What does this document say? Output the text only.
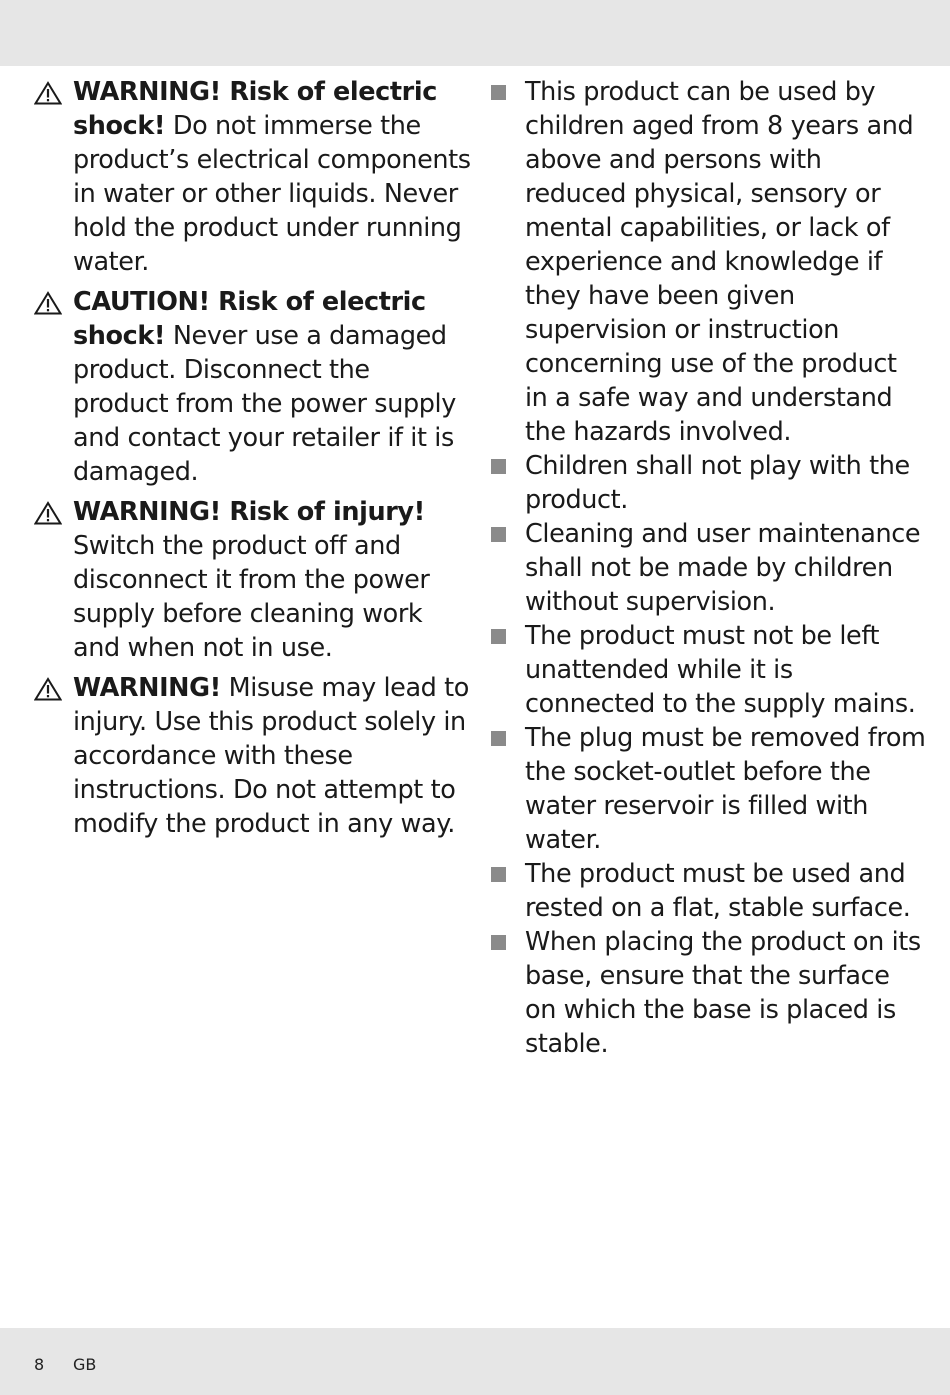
WARNING! Risk of electric
shock! Do not immerse the product’s electrical components in water or other liquids. Never hold the product under running water.
CAUTION! Risk of electric
shock! Never use a damaged product. Disconnect the product from the power supply and contact your retailer if it is damaged.
WARNING! Risk of injury!
Switch the product off and disconnect it from the power supply before cleaning work and when not in use.
WARNING! Misuse may lead to injury. Use this product solely in accordance with these instructions. Do not attempt to modify the product in any way.
This product can be used by children aged from 8 years and above and persons with reduced physical, sensory or mental capabilities, or lack of experience and knowledge if they have been given supervision or instruction concerning use of the product in a safe way and understand the hazards involved.
Children shall not play with the product.
Cleaning and user maintenance shall not be made by children without supervision.
The product must not be left unattended while it is connected to the supply mains.
The plug must be removed from the socket-outlet before the water reservoir is filled with water.
The product must be used and rested on a flat, stable surface.
When placing the product on its base, ensure that the surface on which the base is placed is stable.
8 GB
